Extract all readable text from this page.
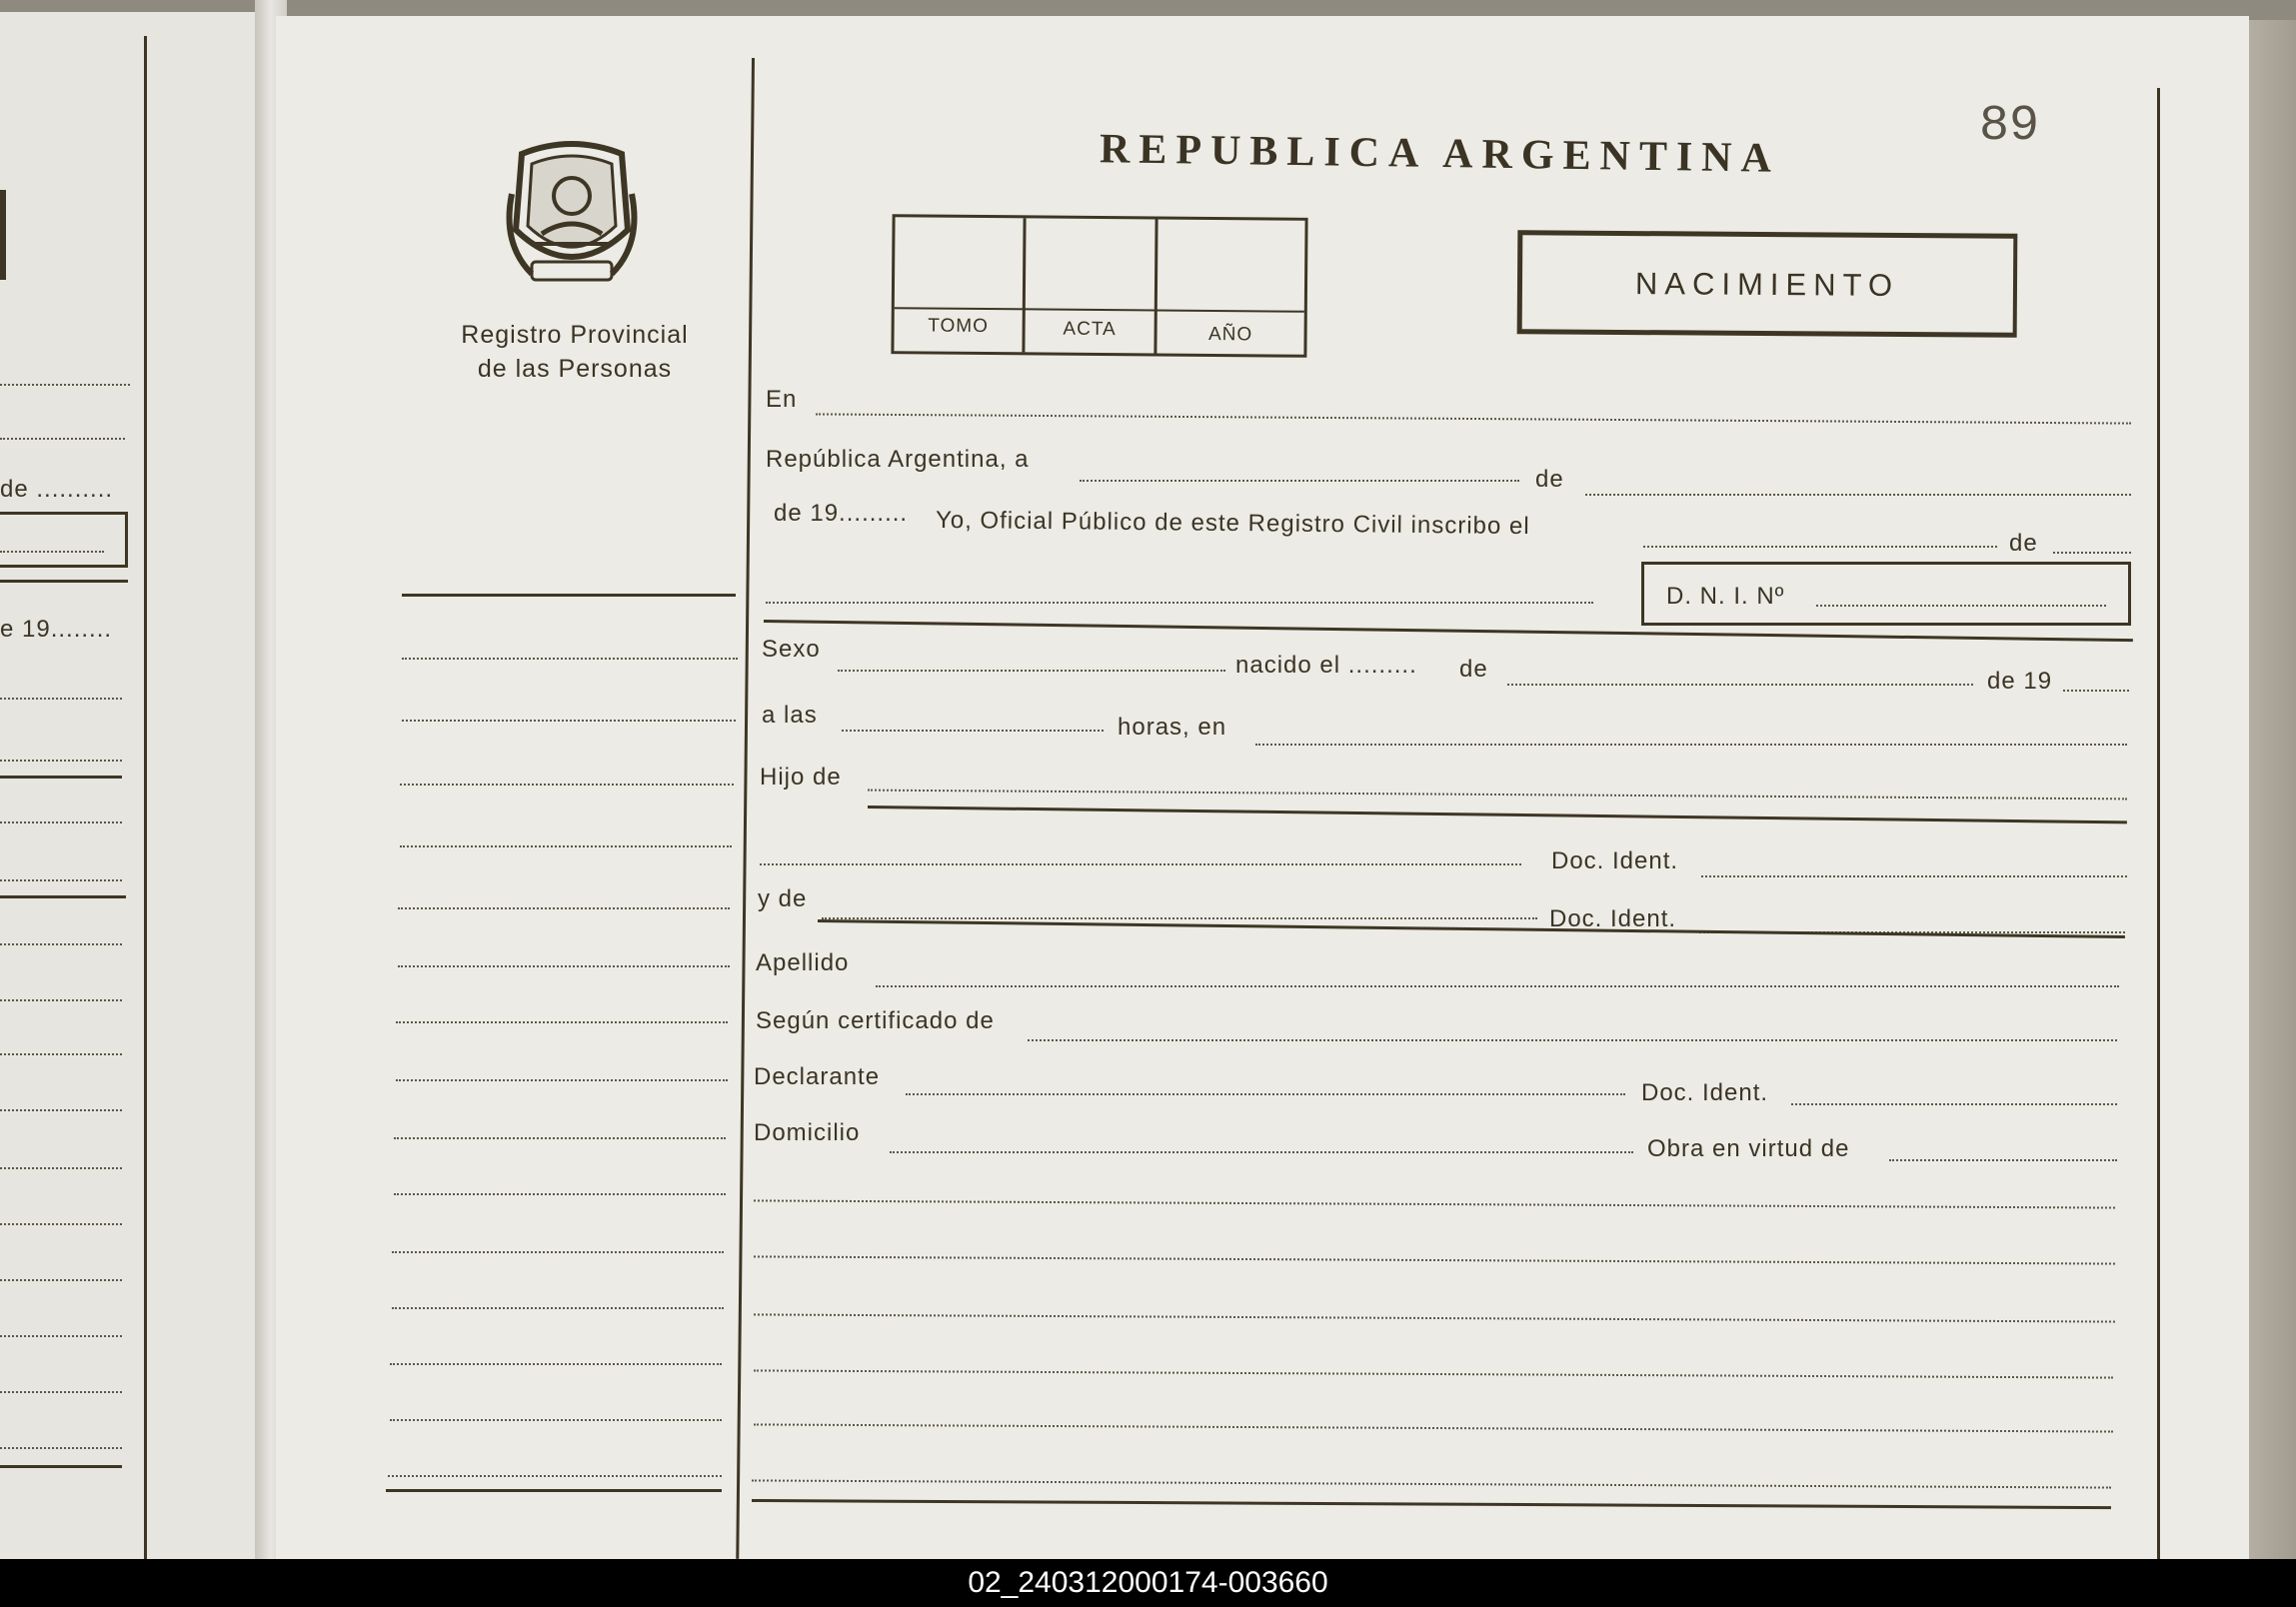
de ..........
e 19........
Registro Provincial
de las Personas
REPUBLICA ARGENTINA	89
TOMO	ACTA	AÑO
NACIMIENTO
En
República Argentina, a
de
de 19......... Yo, Oficial Público de este Registro Civil inscribo el
de
D. N. I. Nº
Sexo
nacido el ......... de	de 19
a las	horas, en
Hijo de
Doc. Ident.
y de
Doc. Ident.
Apellido
Según certificado de
Declarante
Doc. Ident.
Domicilio
Obra en virtud de
02_240312000174-003660
